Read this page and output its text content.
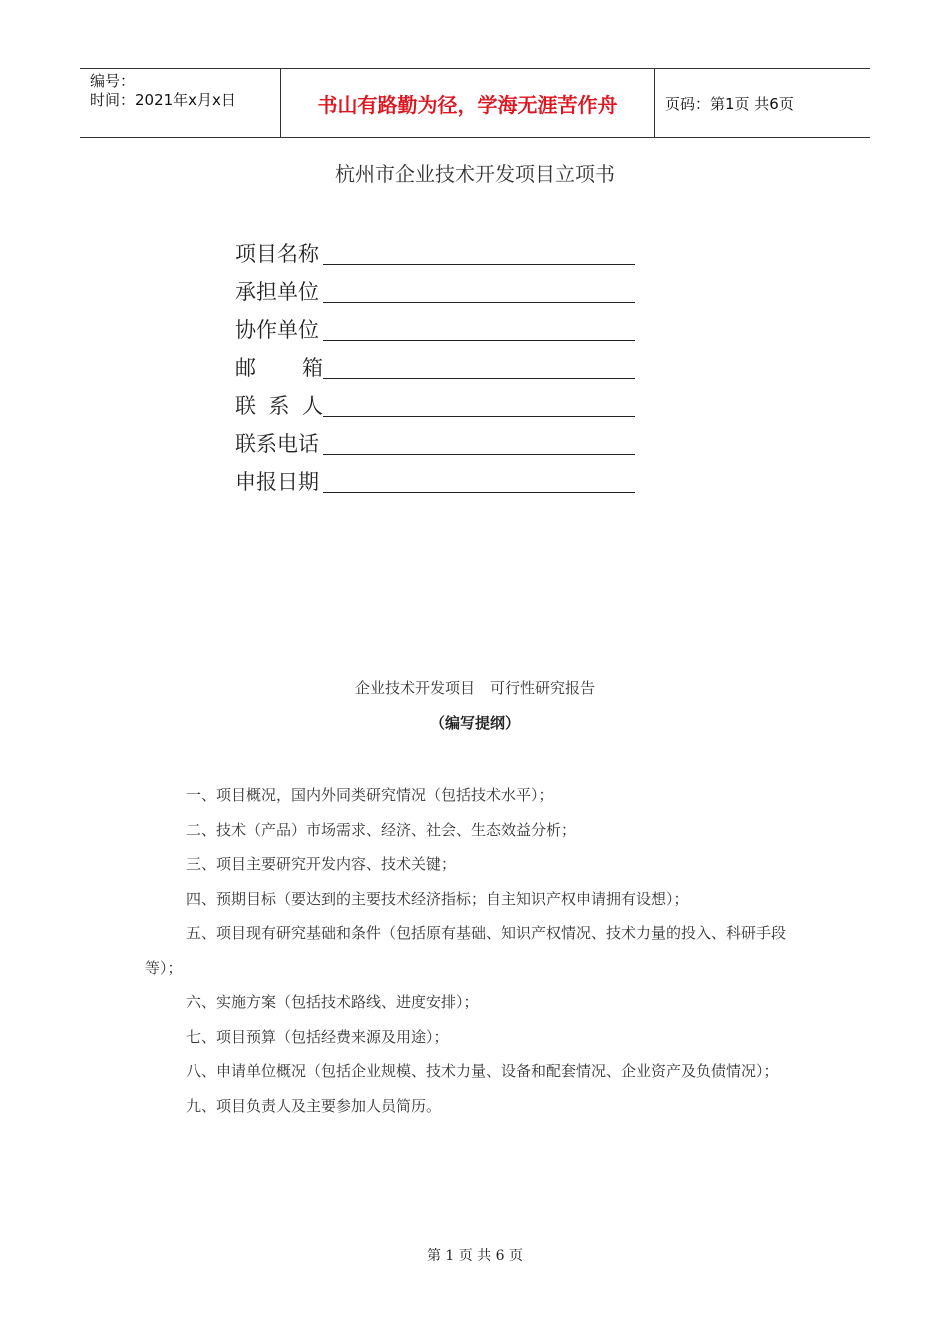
编号：
时间：2021年x月x日	书山有路勤为径，学海无涯苦作舟	页码：第1页 共6页
杭州市企业技术开发项目立项书
项目名称
承担单位
协作单位
邮 箱
联 系 人
联系电话
申报日期
企业技术开发项目　可行性研究报告
（编写提纲）

一、项目概况，国内外同类研究情况（包括技术水平）；

二、技术（产品）市场需求、经济、社会、生态效益分析；

三、项目主要研究开发内容、技术关键；

四、预期目标（要达到的主要技术经济指标；自主知识产权申请拥有设想）；

五、项目现有研究基础和条件（包括原有基础、知识产权情况、技术力量的投入、科研手段等）；

六、实施方案（包括技术路线、进度安排）；

七、项目预算（包括经费来源及用途）；

八、申请单位概况（包括企业规模、技术力量、设备和配套情况、企业资产及负债情况）；

九、项目负责人及主要参加人员简历。

第 1 页 共 6 页
